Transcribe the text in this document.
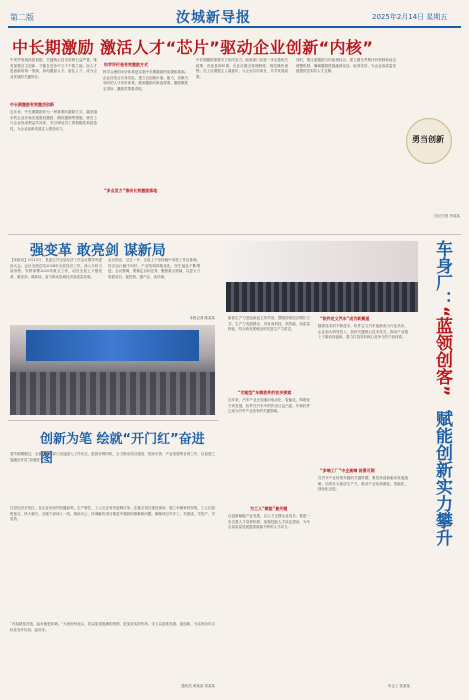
第二版	汝城新导报	2025年2月14日 星期五
中长期激励 激活人才“芯片”驱动企业创新“内核”
中美贸易战持续加剧，关键核心技术封锁日益严重，唯有加强自主创新，才能在竞争中立于不败之地。而人才是创新的第一资源，如何激励人才、留住人才，成为企业发展的关键所在。
中长期激励有效激活创新
近年来，中长期激励作为一种重要的激励方式，越来越多的企业开始实施股权激励、期权激励等措施，使员工与企业形成利益共同体，充分调动员工的积极性和创造性，为企业创新发展注入强劲动力。
科学评价是有效激励方式
科学合理的评价体系是实施中长期激励的前提和基础。企业应结合自身实际，建立以创新价值、能力、贡献为导向的人才评价体系，做到激励对象选得准、激励额度定得好、激励效果看得见。
“多点发力”推动长效激励落地
中长期激励需要多方协同发力。政府部门应进一步完善相关政策，优化营商环境；企业应健全管理制度，规范操作流程；员工应增强主人翁意识，与企业共同成长，共享发展成果。
同时，要注重激励与约束相结合，建立健全考核评价机制和动态调整机制，确保激励措施落到实处、取得实效，为企业高质量发展提供坚实的人才支撑。
勇当创新
经济日报 李某某
强变革 敢亮剑 谋新局
【本报讯】2月13日，县委召开全县经济工作会议暨作风建设大会。会议全面总结2024年全县经济工作，深入分析当前形势，安排部署2025年重点工作，动员全县上下强变革、敢亮剑、谋新局，奋力推动县域经济高质量发展。
会议指出，过去一年，全县上下坚持稳中求进工作总基调，经济运行稳中向好，产业结构持续优化，民生福祉不断增进。会议强调，要锚定目标任务，聚焦重点领域，以更大力度抓项目、促投资、强产业、优环境。
本报记者 陈某某
创新为笔 绘就“开门红”奋进图
春节假期刚过，全县各地各部门迅速进入工作状态，抢抓有利时机，全力推动项目建设、招商引资、产业发展等各项工作，以奋进之姿跑出开局“加速度”。
在县经济开发区，各企业车间内机器轰鸣、生产繁忙，工人们正有序赶制订单。在重点项目建设现场，施工车辆来回穿梭，工人们加班加点、热火朝天。各级干部深入一线，现场办公，协调解决项目推进中遇到的困难和问题，确保项目早开工、早建成、早投产、早见效。
“开局就是决战，起步就是冲刺。”大家纷纷表示，将以更加饱满的热情、更加务实的作风，全力以赴抓发展、促创新，为实现全年目标任务开好局、起好步。
通讯员 黄某某 刘某某
新质生产力是创新起主导作用，摆脱传统经济增长方式、生产力发展路径，具有高科技、高效能、高质量特征，符合新发展理念的先进生产力质态。
“功能型”车载软件的初步探索
近年来，汽车产业正加速向电动化、智能化、网联化方向发展，软件在汽车中的作用日益凸显。车载软件已成为汽车产业竞争的关键领域。
“软件定义汽车”成为新赛道
随着技术的不断进步，软件定义汽车逐渐成为行业共识。企业加大研发投入，加快关键核心技术攻关，推动产业链上下游协同创新，着力打造具有核心竞争力的产品体系。
“多端工厂”中企高端 前景可期
在汽车产业转型升级的关键时期，要坚持创新驱动发展战略，培育壮大新质生产力，推动产业向高端化、智能化、绿色化迈进。
为工人“赋能”最关键
以创新赋能产业发展，以人才支撑企业成长。要进一步完善人才培养机制，加强技能人才队伍建设，为车企高质量发展提供源源不断的人才动力。
车企工 张某某
车身厂：
“蓝领创客”
赋能创新实力攀升
